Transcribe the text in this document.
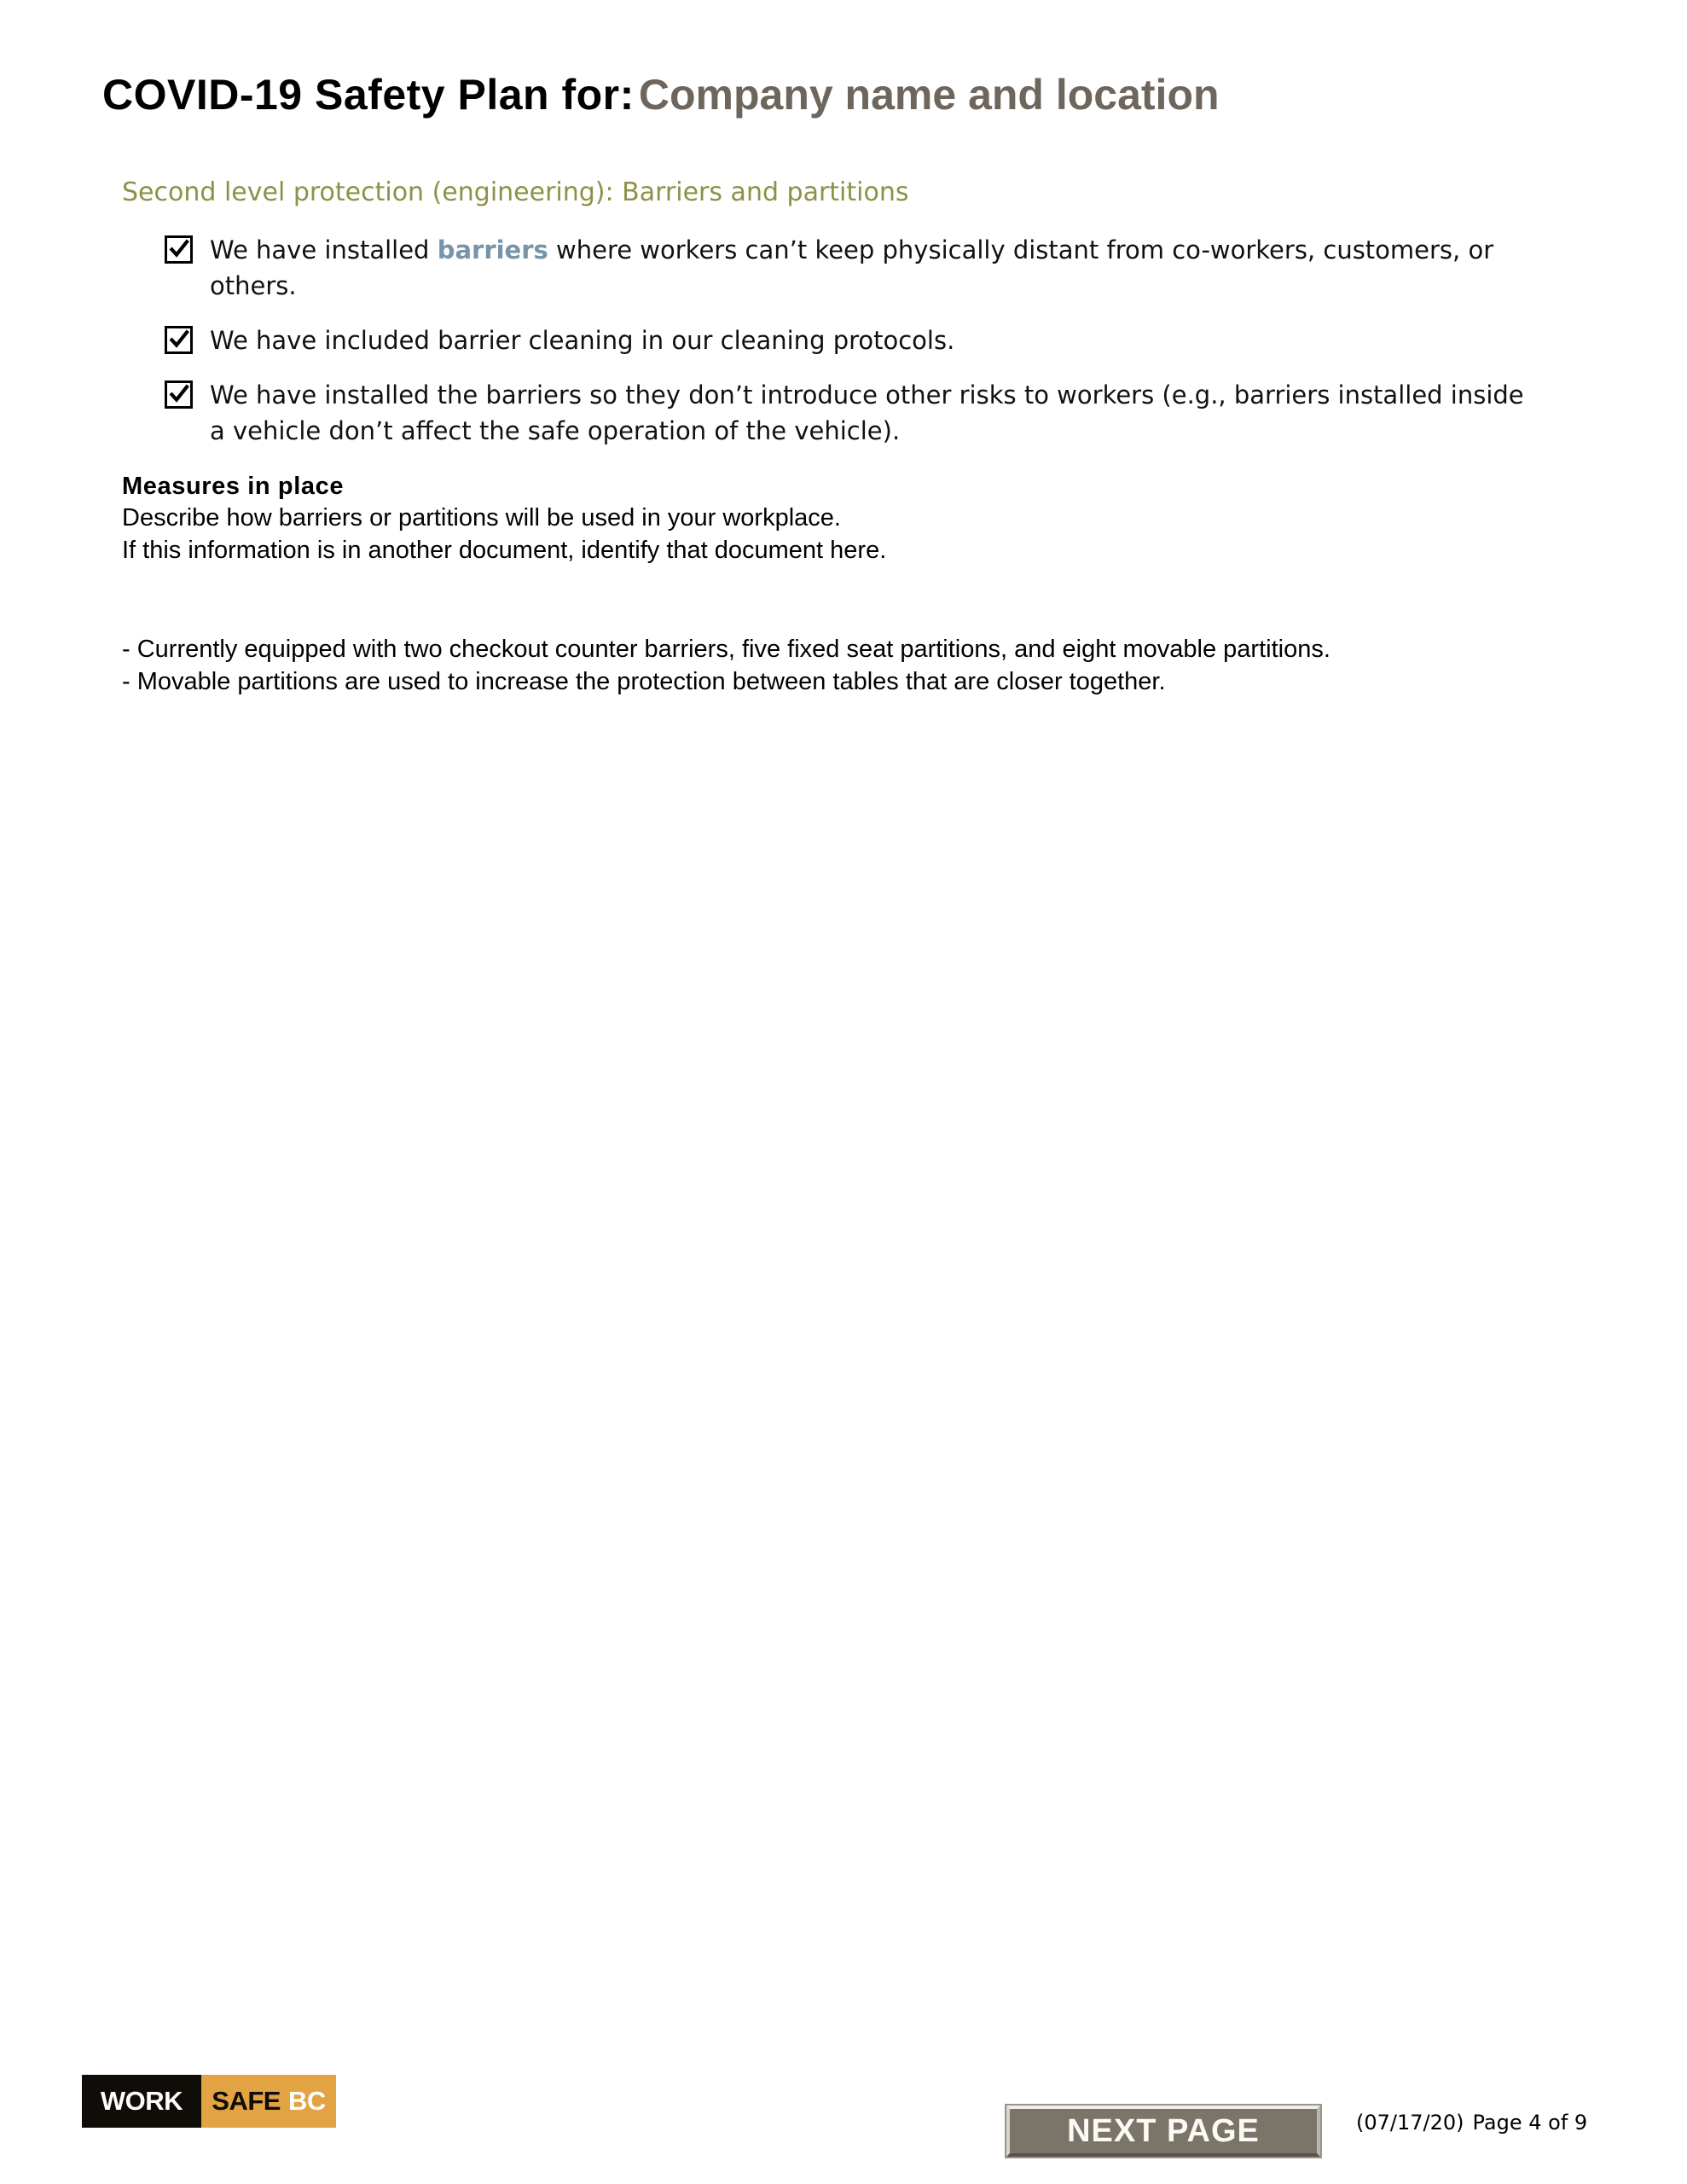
COVID-19 Safety Plan for: Company name and location
Second level protection (engineering): Barriers and partitions
We have installed barriers where workers can’t keep physically distant from co-workers, customers, or others.
We have included barrier cleaning in our cleaning protocols.
We have installed the barriers so they don’t introduce other risks to workers (e.g., barriers installed inside a vehicle don’t affect the safe operation of the vehicle).
Measures in place
Describe how barriers or partitions will be used in your workplace.
If this information is in another document, identify that document here.
- Currently equipped with two checkout counter barriers, five fixed seat partitions, and eight movable partitions.
- Movable partitions are used to increase the protection between tables that are closer together.
WORK	SAFE BC
NEXT PAGE	(07/17/20) Page 4 of 9
